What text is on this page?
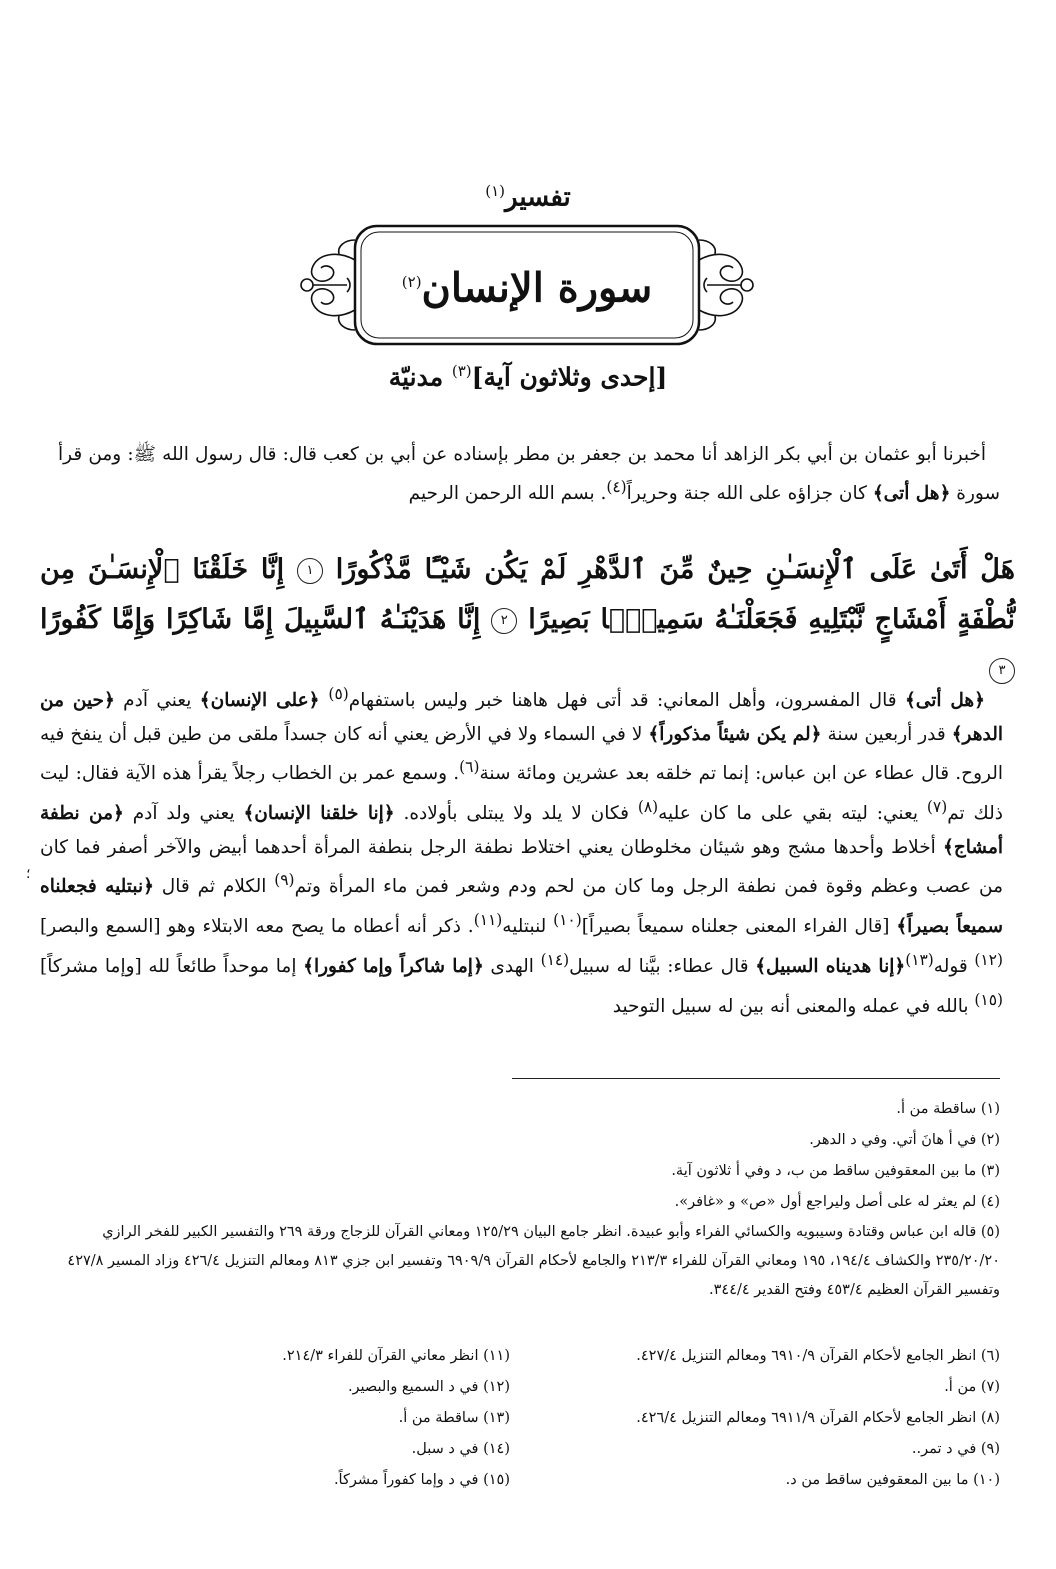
تفسير$^{(١)}$
سورة الإنسان$^{(٢)}$
[إحدى وثلاثون آية]$^{(٣)}$ مدنيّة
أخبرنا أبو عثمان بن أبي بكر الزاهد أنا محمد بن جعفر بن مطر بإسناده عن أبي بن كعب قال: قال رسول الله ﷺ: ومن قرأ سورة ﴿هل أتى﴾ كان جزاؤه على الله جنة وحريراً$^{(٤)}$. بسم الله الرحمن الرحيم
هَلْ أَتَىٰ عَلَى ٱلْإِنسَـٰنِ حِينٌ مِّنَ ٱلدَّهْرِ لَمْ يَكُن شَيْـًٔا مَّذْكُورًا ١ إِنَّا خَلَقْنَا ٱلْإِنسَـٰنَ مِن نُّطْفَةٍ أَمْشَاجٍ نَّبْتَلِيهِ فَجَعَلْنَـٰهُ سَمِيعًۢا بَصِيرًا ٢ إِنَّا هَدَيْنَـٰهُ ٱلسَّبِيلَ إِمَّا شَاكِرًا وَإِمَّا كَفُورًا ٣
﴿هل أتى﴾ قال المفسرون، وأهل المعاني: قد أتى فهل هاهنا خبر وليس باستفهام$^{(٥)}$ ﴿على الإنسان﴾ يعني آدم ﴿حين من الدهر﴾ قدر أربعين سنة ﴿لم يكن شيئاً مذكوراً﴾ لا في السماء ولا في الأرض يعني أنه كان جسداً ملقى من طين قبل أن ينفخ فيه الروح. قال عطاء عن ابن عباس: إنما تم خلقه بعد عشرين ومائة سنة$^{(٦)}$. وسمع عمر بن الخطاب رجلاً يقرأ هذه الآية فقال: ليت ذلك تم$^{(٧)}$ يعني: ليته بقي على ما كان عليه$^{(٨)}$ فكان لا يلد ولا يبتلى بأولاده. ﴿إنا خلقنا الإنسان﴾ يعني ولد آدم ﴿من نطفة أمشاج﴾ أخلاط وأحدها مشج وهو شيئان مخلوطان يعني اختلاط نطفة الرجل بنطفة المرأة أحدهما أبيض والآخر أصفر فما كان من عصب وعظم وقوة فمن نطفة الرجل وما كان من لحم ودم وشعر فمن ماء المرأة وتم$^{(٩)}$ الكلام ثم قال ﴿نبتليه فجعلناه سميعاً بصيراً﴾ [قال الفراء المعنى جعلناه سميعاً بصيراً]$^{(١٠)}$ لنبتليه$^{(١١)}$. ذكر أنه أعطاه ما يصح معه الابتلاء وهو [السمع والبصر]$^{(١٢)}$ قوله$^{(١٣)}$﴿إنا هديناه السبيل﴾ قال عطاء: بيَّنا له سبيل$^{(١٤)}$ الهدى ﴿إما شاكراً وإما كفورا﴾ إما موحداً طائعاً لله [وإما مشركاً]$^{(١٥)}$ بالله في عمله والمعنى أنه بين له سبيل التوحيد
؛
(١) ساقطة من أ.
(٢) في أ هانَ أتي. وفي د الدهر.
(٣) ما بين المعقوفين ساقط من ب، د وفي أ ثلاثون آية.
(٤) لم يعثر له على أصل وليراجع أول «ص» و «غافر».
(٥) قاله ابن عباس وقتادة وسيبويه والكسائي الفراء وأبو عبيدة. انظر جامع البيان ١٢٥/٢٩ ومعاني القرآن للزجاج ورقة ٢٦٩ والتفسير الكبير للفخر الرازي ٢٣٥/٢٠/٢٠ والكشاف ١٩٤/٤، ١٩٥ ومعاني القرآن للفراء ٢١٣/٣ والجامع لأحكام القرآن ٦٩٠٩/٩ وتفسير ابن جزي ٨١٣ ومعالم التنزيل ٤٢٦/٤ وزاد المسير ٤٢٧/٨ وتفسير القرآن العظيم ٤٥٣/٤ وفتح القدير ٣٤٤/٤.
(٦) انظر الجامع لأحكام القرآن ٦٩١٠/٩ ومعالم التنزيل ٤٢٧/٤.
(٧) من أ.
(٨) انظر الجامع لأحكام القرآن ٦٩١١/٩ ومعالم التنزيل ٤٢٦/٤.
(٩) في د تمر..
(١٠) ما بين المعقوفين ساقط من د.
(١١) انظر معاني القرآن للفراء ٢١٤/٣.
(١٢) في د السميع والبصير.
(١٣) ساقطة من أ.
(١٤) في د سبل.
(١٥) في د وإما كفوراً مشركاً.
